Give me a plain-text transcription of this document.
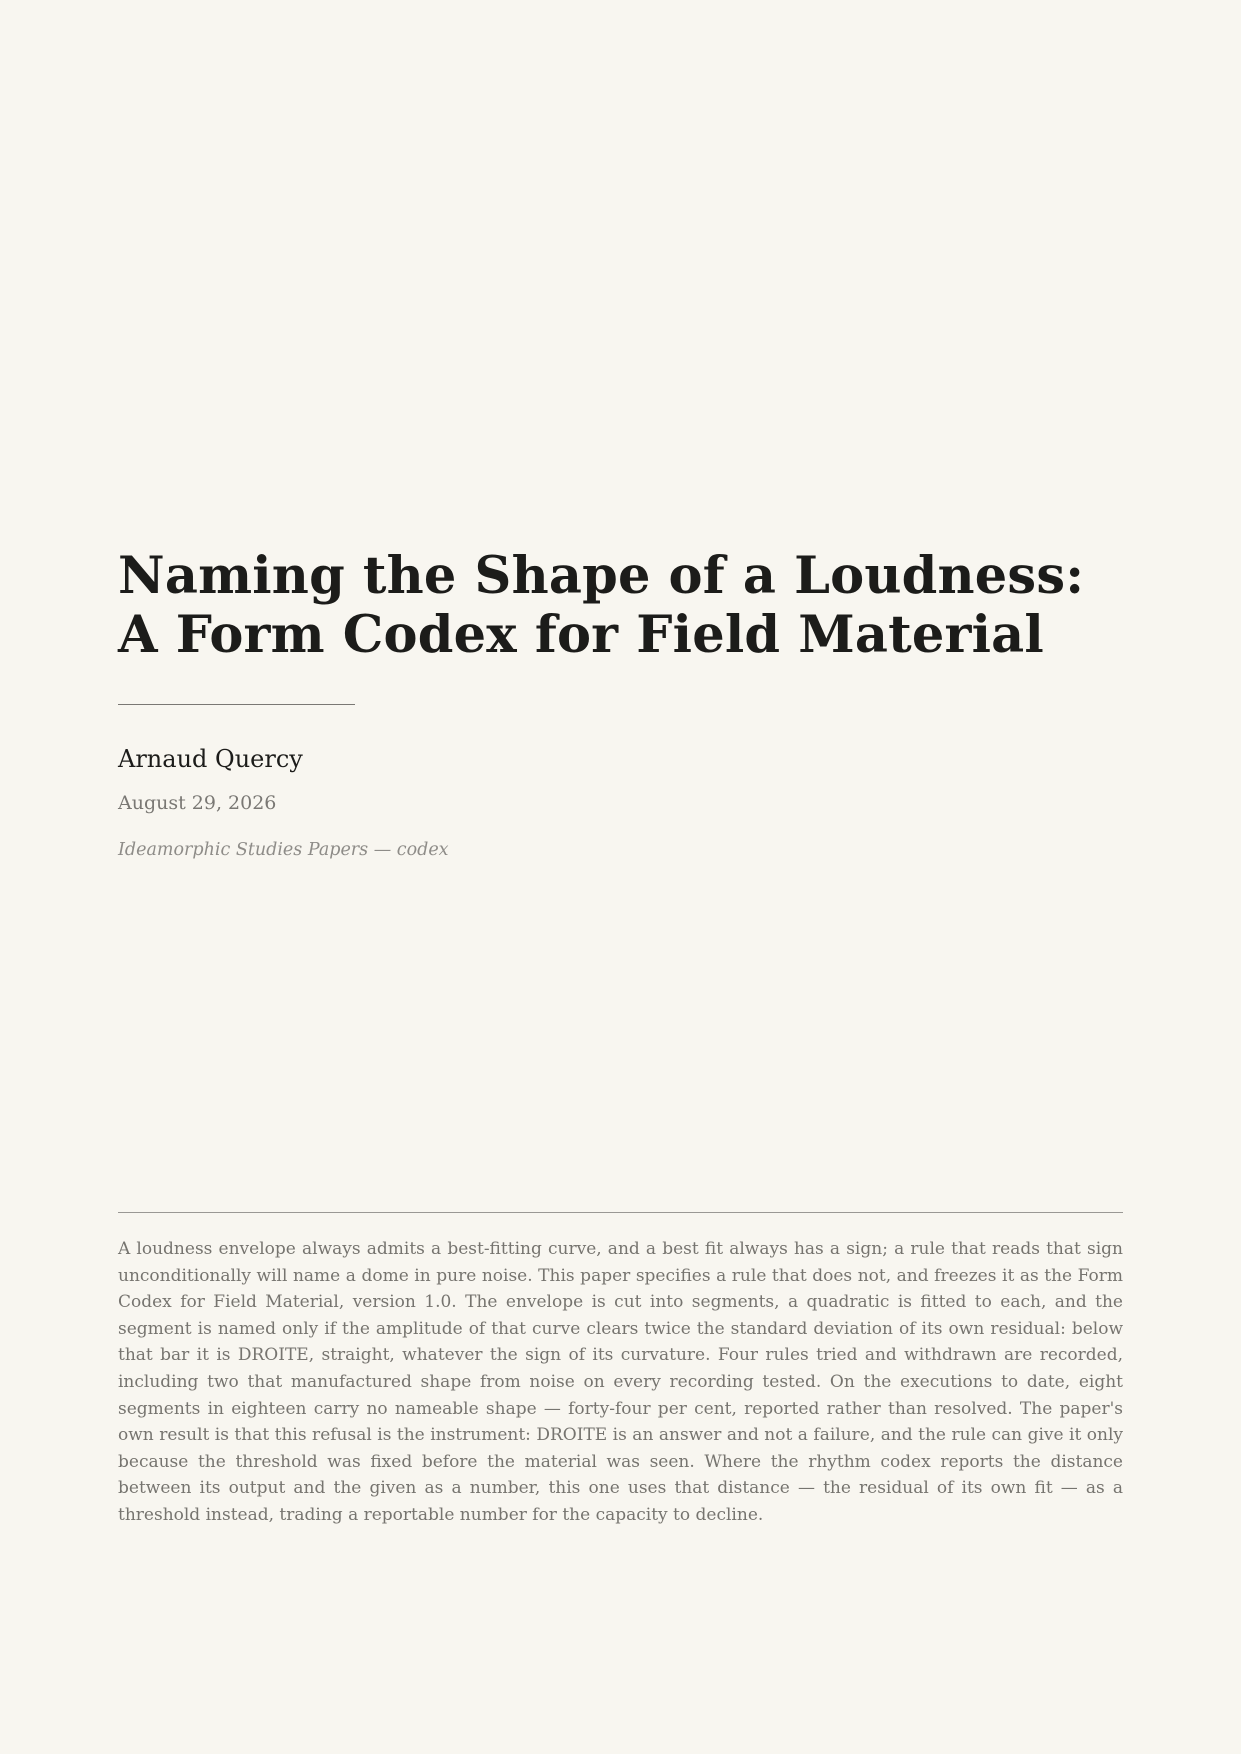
Naming the Shape of a Loudness: A Form Codex for Field Material
Arnaud Quercy
August 29, 2026
Ideamorphic Studies Papers — codex

A loudness envelope always admits a best-fitting curve, and a best fit always has a sign; a rule that reads that sign unconditionally will name a dome in pure noise. This paper specifies a rule that does not, and freezes it as the Form Codex for Field Material, version 1.0. The envelope is cut into segments, a quadratic is fitted to each, and the segment is named only if the amplitude of that curve clears twice the standard deviation of its own residual: below that bar it is DROITE, straight, whatever the sign of its curvature. Four rules tried and withdrawn are recorded, including two that manufactured shape from noise on every recording tested. On the executions to date, eight segments in eighteen carry no nameable shape — forty-four per cent, reported rather than resolved. The paper's own result is that this refusal is the instrument: DROITE is an answer and not a failure, and the rule can give it only because the threshold was fixed before the material was seen. Where the rhythm codex reports the distance between its output and the given as a number, this one uses that distance — the residual of its own fit — as a threshold instead, trading a reportable number for the capacity to decline.
